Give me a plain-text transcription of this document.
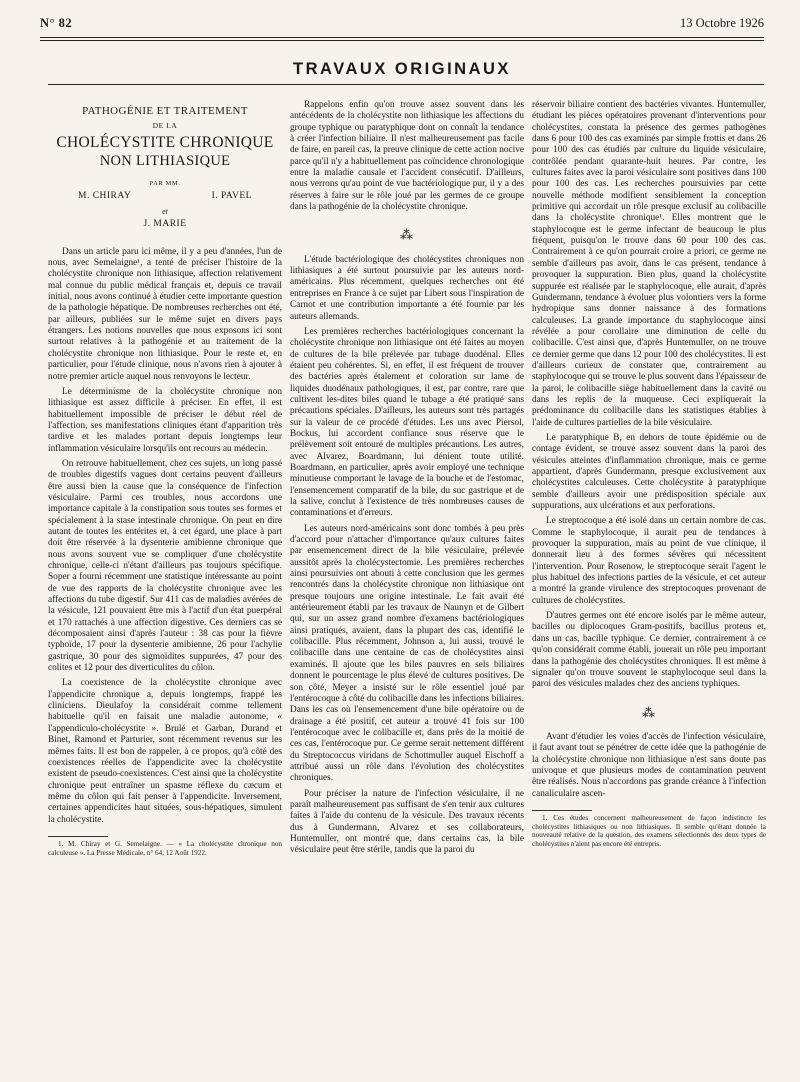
N° 82	13 Octobre 1926
TRAVAUX ORIGINAUX
PATHOGÉNIE ET TRAITEMENT
DE LA
CHOLÉCYSTITE CHRONIQUE
NON LITHIASIQUE
PAR MM.
M. CHIRAY	I. PAVEL
et
J. MARIE

Dans un article paru ici même, il y a peu d'années, l'un de nous, avec Semelaigne¹, a tenté de préciser l'histoire de la cholécystite chronique non lithiasique, affection relativement mal connue du public médical français et, depuis ce travail initial, nous avons continué à étudier cette importante question de la pathologie hépatique. De nombreuses recherches ont été, par ailleurs, publiées sur le même sujet en divers pays étrangers. Les notions nouvelles que nous exposons ici sont surtout relatives à la pathogénie et au traitement de la cholécystite chronique non lithiasique. Pour le reste et, en particulier, pour l'étude clinique, nous n'avons rien à ajouter à notre premier article auquel nous renvoyons le lecteur.

Le déterminisme de la cholécystite chronique non lithiasique est assez difficile à préciser. En effet, il est habituellement impossible de préciser le début réel de l'affection, ses manifestations cliniques étant d'apparition très tardive et les malades portant depuis longtemps leur inflammation vésiculaire lorsqu'ils ont recours au médecin.

On retrouve habituellement, chez ces sujets, un long passé de troubles digestifs vagues dont certains peuvent d'ailleurs être aussi bien la cause que la conséquence de l'infection vésiculaire. Parmi ces troubles, nous accordons une importance capitale à la constipation sous toutes ses formes et spécialement à la stase intestinale chronique. On peut en dire autant de toutes les entérites et, à cet égard, une place à part doit être réservée à la dysenterie amibienne chronique que nous avons souvent vue se compliquer d'une cholécystite chronique, celle-ci n'étant d'ailleurs pas toujours spécifique. Soper a fourni récemment une statistique intéressante au point de vue des rapports de la cholécystite chronique avec les affections du tube digestif. Sur 411 cas de maladies avérées de la vésicule, 121 pouvaient être mis à l'actif d'un état puerpéral et 170 rattachés à une affection digestive. Ces derniers cas se décomposaient ainsi d'après l'auteur : 38 cas pour la fièvre typhoïde, 17 pour la dysenterie amibienne, 26 pour l'achylie gastrique, 30 pour des sigmoïdites suppurées, 47 pour des colites et 12 pour des diverticulites du côlon.

La coexistence de la cholécystite chronique avec l'appendicite chronique a, depuis longtemps, frappé les cliniciens. Dieulafoy la considérait comme tellement habituelle qu'il en faisait une maladie autonome, « l'appendiculo-cholécystite ». Brulé et Garban, Durand et Binet, Ramond et Parturier, sont récemment revenus sur les mêmes faits. Il est bon de rappeler, à ce propos, qu'à côté des coexistences réelles de l'appendicite avec la cholécystite existent de pseudo-coexistences. C'est ainsi que la cholécystite chronique peut entraîner un spasme réflexe du cæcum et même du côlon qui fait penser à l'appendicite. Inversement, certaines appendicites haut situées, sous-hépatiques, simulent la cholécystite.

1. M. Chiray et G. Semelaigne. — « La cholécystite chronique non calculeuse ». La Presse Médicale, n° 64, 12 Août 1922.

Rappelons enfin qu'on trouve assez souvent dans les antécédents de la cholécystite non lithiasique les affections du groupe typhique ou paratyphique dont on connaît la tendance à créer l'infection biliaire. Il n'est malheureusement pas facile de faire, en pareil cas, la preuve clinique de cette action nocive parce qu'il n'y a habituellement pas coïncidence chronologique entre la maladie causale et l'accident consécutif. D'ailleurs, nous verrons qu'au point de vue bactériologique pur, il y a des réserves à faire sur le rôle joué par les germes de ce groupe dans la pathogénie de la cholécystite chronique.

⁂

L'étude bactériologique des cholécystites chroniques non lithiasiques a été surtout poursuivie par les auteurs nord-américains. Plus récemment, quelques recherches ont été entreprises en France à ce sujet par Libert sous l'inspiration de Carnot et une contribution importante a été fournie par les auteurs allemands.

Les premières recherches bactériologiques concernant la cholécystite chronique non lithiasique ont été faites au moyen de cultures de la bile prélevée par tubage duodénal. Elles étaient peu cohérentes. Si, en effet, il est fréquent de trouver des bactéries après étalement et coloration sur lame de liquides duodénaux pathologiques, il est, par contre, rare que cultivent les-dites biles quand le tubage a été pratiqué sans précautions spéciales. D'ailleurs, les auteurs sont très partagés sur la valeur de ce procédé d'études. Les uns avec Piersol, Bockus, lui accordent confiance sous réserve que le prélèvement soit entouré de multiples précautions. Les autres, avec Alvarez, Boardmann, lui dénient toute utilité. Boardmann, en particulier, après avoir employé une technique minutieuse comportant le lavage de la bouche et de l'estomac, l'ensemencement comparatif de la bile, du suc gastrique et de la salive, conclut à l'existence de très nombreuses causes de contaminations et d'erreurs.

Les auteurs nord-américains sont donc tombés à peu près d'accord pour n'attacher d'importance qu'aux cultures faites par ensemencement direct de la bile vésiculaire, prélevée aussitôt après la cholécystectomie. Les premières recherches ainsi poursuivies ont abouti à cette conclusion que les germes rencontrés dans la cholécystite chronique non lithiasique ont presque toujours une origine intestinale. Le fait avait été antérieurement établi par les travaux de Naunyn et de Gilbert qui, sur un assez grand nombre d'examens bactériologiques ainsi pratiqués, avaient, dans la plupart des cas, identifié le colibacille. Plus récemment, Johnson a, lui aussi, trouvé le colibacille dans une centaine de cas de cholécystites ainsi examinés. Il ajoute que les biles pauvres en sels biliaires donnent le pourcentage le plus élevé de cultures positives. De son côté, Meyer a insisté sur le rôle essentiel joué par l'entérocoque à côté du colibacille dans les infections biliaires. Dans les cas où l'ensemencement d'une bile opératoire ou de drainage a été positif, cet auteur a trouvé 41 fois sur 100 l'entérocoque avec le colibacille et, dans près de la moitié de ces cas, l'entérocoque pur. Ce germe serait nettement différent du Streptococcus viridans de Schottmuller auquel Eischoff a attribué aussi un rôle dans l'évolution des cholécystites chroniques.

Pour préciser la nature de l'infection vésiculaire, il ne paraît malheureusement pas suffisant de s'en tenir aux cultures faites à l'aide du contenu de la vésicule. Des travaux récents dus à Gundermann, Alvarez et ses collaborateurs, Huntemuller, ont montré que, dans certains cas, la bile vésiculaire peut être stérile, tandis que la paroi du

réservoir biliaire contient des bactéries vivantes. Huntemuller, étudiant les pièces opératoires provenant d'interventions pour cholécystites, constata la présence des germes pathogènes dans 6 pour 100 des cas examinés par simple frottis et dans 26 pour 100 des cas étudiés par culture du liquide vésiculaire, contrôlée pendant quarante-huit heures. Par contre, les cultures faites avec la paroi vésiculaire sont positives dans 100 pour 100 des cas. Les recherches poursuivies par cette nouvelle méthode modifient sensiblement la conception primitive qui accordait un rôle presque exclusif au colibacille dans la cholécystite chronique¹. Elles montrent que le staphylocoque est le germe infectant de beaucoup le plus fréquent, puisqu'on le trouve dans 60 pour 100 des cas. Contrairement à ce qu'on pourrait croire a priori, ce germe ne semble d'ailleurs pas avoir, dans le cas présent, tendance à provoquer la suppuration. Bien plus, quand la cholécystite suppurée est réalisée par le staphylocoque, elle aurait, d'après Gundermann, tendance à évoluer plus volontiers vers la forme hydropique sans donner naissance à des formations calculeuses. La grande importance du staphylocoque ainsi révélée a pour corollaire une diminution de celle du colibacille. C'est ainsi que, d'après Huntemuller, on ne trouve ce dernier germe que dans 12 pour 100 des cholécystites. Il est d'ailleurs curieux de constater que, contrairement au staphylocoque qui se trouve le plus souvent dans l'épaisseur de la paroi, le colibacille siège habituellement dans la cavité ou dans les replis de la muqueuse. Ceci expliquerait la prédominance du colibacille dans les statistiques établies à l'aide de cultures partielles de la bile vésiculaire.

Le paratyphique B, en dehors de toute épidémie ou de contage évident, se trouve assez souvent dans la paroi des vésicules atteintes d'inflammation chronique, mais ce germe appartient, d'après Gundermann, presque exclusivement aux cholécystites calculeuses. Cette cholécystite à paratyphique semble d'ailleurs avoir une prédisposition spéciale aux suppurations, aux ulcérations et aux perforations.

Le streptocoque a été isolé dans un certain nombre de cas. Comme le staphylocoque, il aurait peu de tendances à provoquer la suppuration, mais au point de vue clinique, il donnerait lieu à des formes sévères qui nécessitent l'intervention. Pour Rosenow, le streptocoque serait l'agent le plus habituel des infections parties de la vésicule, et cet auteur a montré la grande virulence des streptocoques provenant de cultures de cholécystites.

D'autres germes ont été encore isolés par le même auteur, bacilles ou diplocoques Gram-positifs, bacillus proteus et, dans un cas, bacille typhique. Ce dernier, contrairement à ce qu'on considérait comme établi, jouerait un rôle peu important dans la pathogénie des cholécystites chroniques. Il est même à signaler qu'on trouve souvent le staphylocoque seul dans la paroi des vésicules malades chez des anciens typhiques.

⁂

Avant d'étudier les voies d'accès de l'infection vésiculaire, il faut avant tout se pénétrer de cette idée que la pathogénie de la cholécystite chronique non lithiasique n'est sans doute pas univoque et que plusieurs modes de contamination peuvent être réalisés. Nous n'accordons pas grande créance à l'infection canaliculaire ascen-

1. Ces études concernent malheureusement de façon indistincte les cholécystites lithiasiques ou non lithiasiques. Il semble qu'étant donnée la nouveauté relative de la question, des examens sélectionnés des deux types de cholécystites n'aient pas encore été entrepris.
